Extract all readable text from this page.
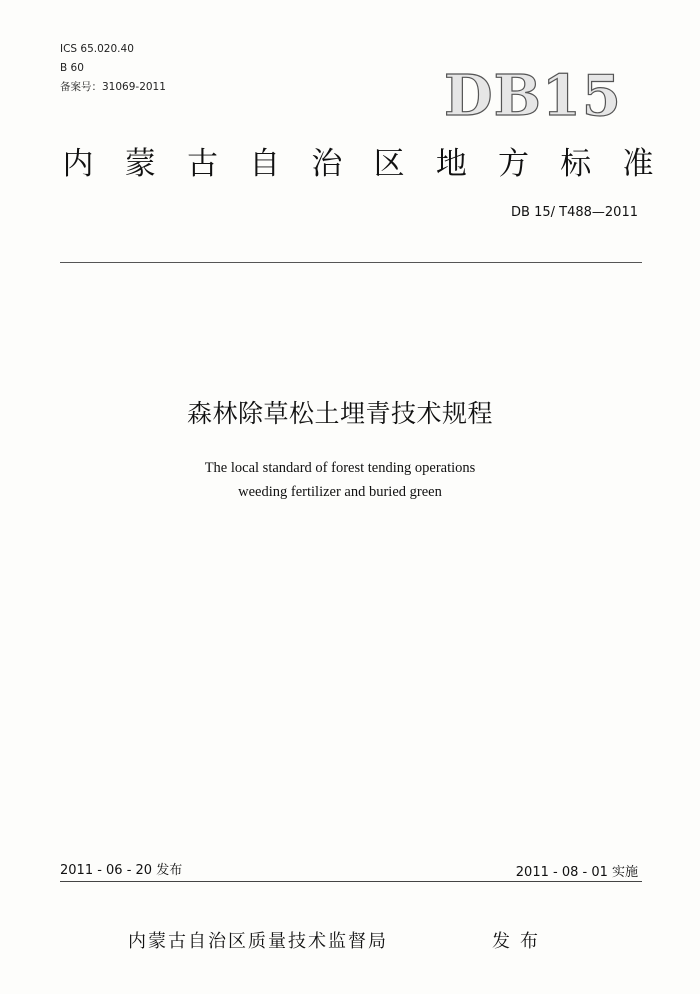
ICS 65.020.40
B 60
备案号：31069-2011	DB15
内 蒙 古 自 治 区 地 方 标 准
DB 15/ T488—2011
森林除草松土埋青技术规程
The local standard of forest tending operations
weeding fertilizer and buried green
2011 - 06 - 20 发布	2011 - 08 - 01 实施
内蒙古自治区质量技术监督局	发布
